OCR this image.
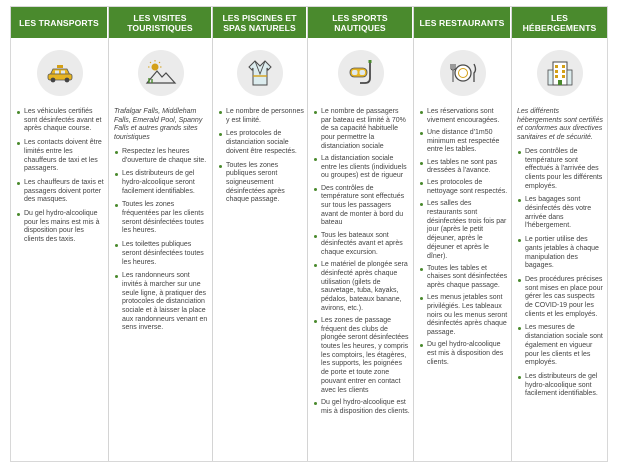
LES TRANSPORTS
Les véhicules certifiés sont désinfectés avant et après chaque course.
Les contacts doivent être limités entre les chauffeurs de taxi et les passagers.
Les chauffeurs de taxis et passagers doivent porter des masques.
Du gel hydro-alcoolique pour les mains est mis à disposition pour les clients des taxis.
LES VISITES TOURISTIQUES
Trafalgar Falls, Middleham Falls, Emerald Pool, Spanny Falls et autres grands sites touristiques
Respectez les heures d'ouverture de chaque site.
Les distributeurs de gel hydro-alcoolique seront facilement identifiables.
Toutes les zones fréquentées par les clients seront désinfectées toutes les heures.
Les toilettes publiques seront désinfectées toutes les heures.
Les randonneurs sont invités à marcher sur une seule ligne, à pratiquer des protocoles de distanciation sociale et à laisser la place aux randonneurs venant en sens inverse.
LES PISCINES ET SPAS NATURELS
Le nombre de personnes y est limité.
Les protocoles de distanciation sociale doivent être respectés.
Toutes les zones publiques seront soigneusement désinfectées après chaque passage.
LES SPORTS NAUTIQUES
Le nombre de passagers par bateau est limité à 70% de sa capacité habituelle pour permettre la distanciation sociale
La distanciation sociale entre les clients (individuels ou groupes) est de rigueur
Des contrôles de température sont effectués sur tous les passagers avant de monter à bord du bateau
Tous les bateaux sont désinfectés avant et après chaque excursion.
Le matériel de plongée sera désinfecté après chaque utilisation (gilets de sauvetage, tuba, kayaks, pédalos, bateaux banane, avirons, etc.).
Les zones de passage fréquent des clubs de plongée seront désinfectées toutes les heures, y compris les comptoirs, les étagères, les supports, les poignées de porte et toute zone pouvant entrer en contact avec les clients
Du gel hydro-alcoolique est mis à disposition des clients.
LES RESTAURANTS
Les réservations sont vivement encouragées.
Une distance d'1m50 minimum est respectée entre les tables.
Les tables ne sont pas dressées à l'avance.
Les protocoles de nettoyage sont respectés.
Les salles des restaurants sont désinfectées trois fois par jour (après le petit déjeuner, après le déjeuner et après le dîner).
Toutes les tables et chaises sont désinfectées après chaque passage.
Les menus jetables sont privilégiés. Les tableaux noirs ou les menus seront désinfectés après chaque passage.
Du gel hydro-alcoolique est mis à disposition des clients.
LES HÉBERGEMENTS
Les différents hébergements sont certifiés et conformes aux directives sanitaires et de sécurité.
Des contrôles de température sont effectués à l'arrivée des clients pour les différents employés.
Les bagages sont désinfectés dès votre arrivée dans l'hébergement.
Le portier utilise des gants jetables à chaque manipulation des bagages.
Des procédures précises sont mises en place pour gérer les cas suspects de COVID-19 pour les clients et les employés.
Les mesures de distanciation sociale sont également en vigueur pour les clients et les employés.
Les distributeurs de gel hydro-alcoolique sont facilement identifiables.
